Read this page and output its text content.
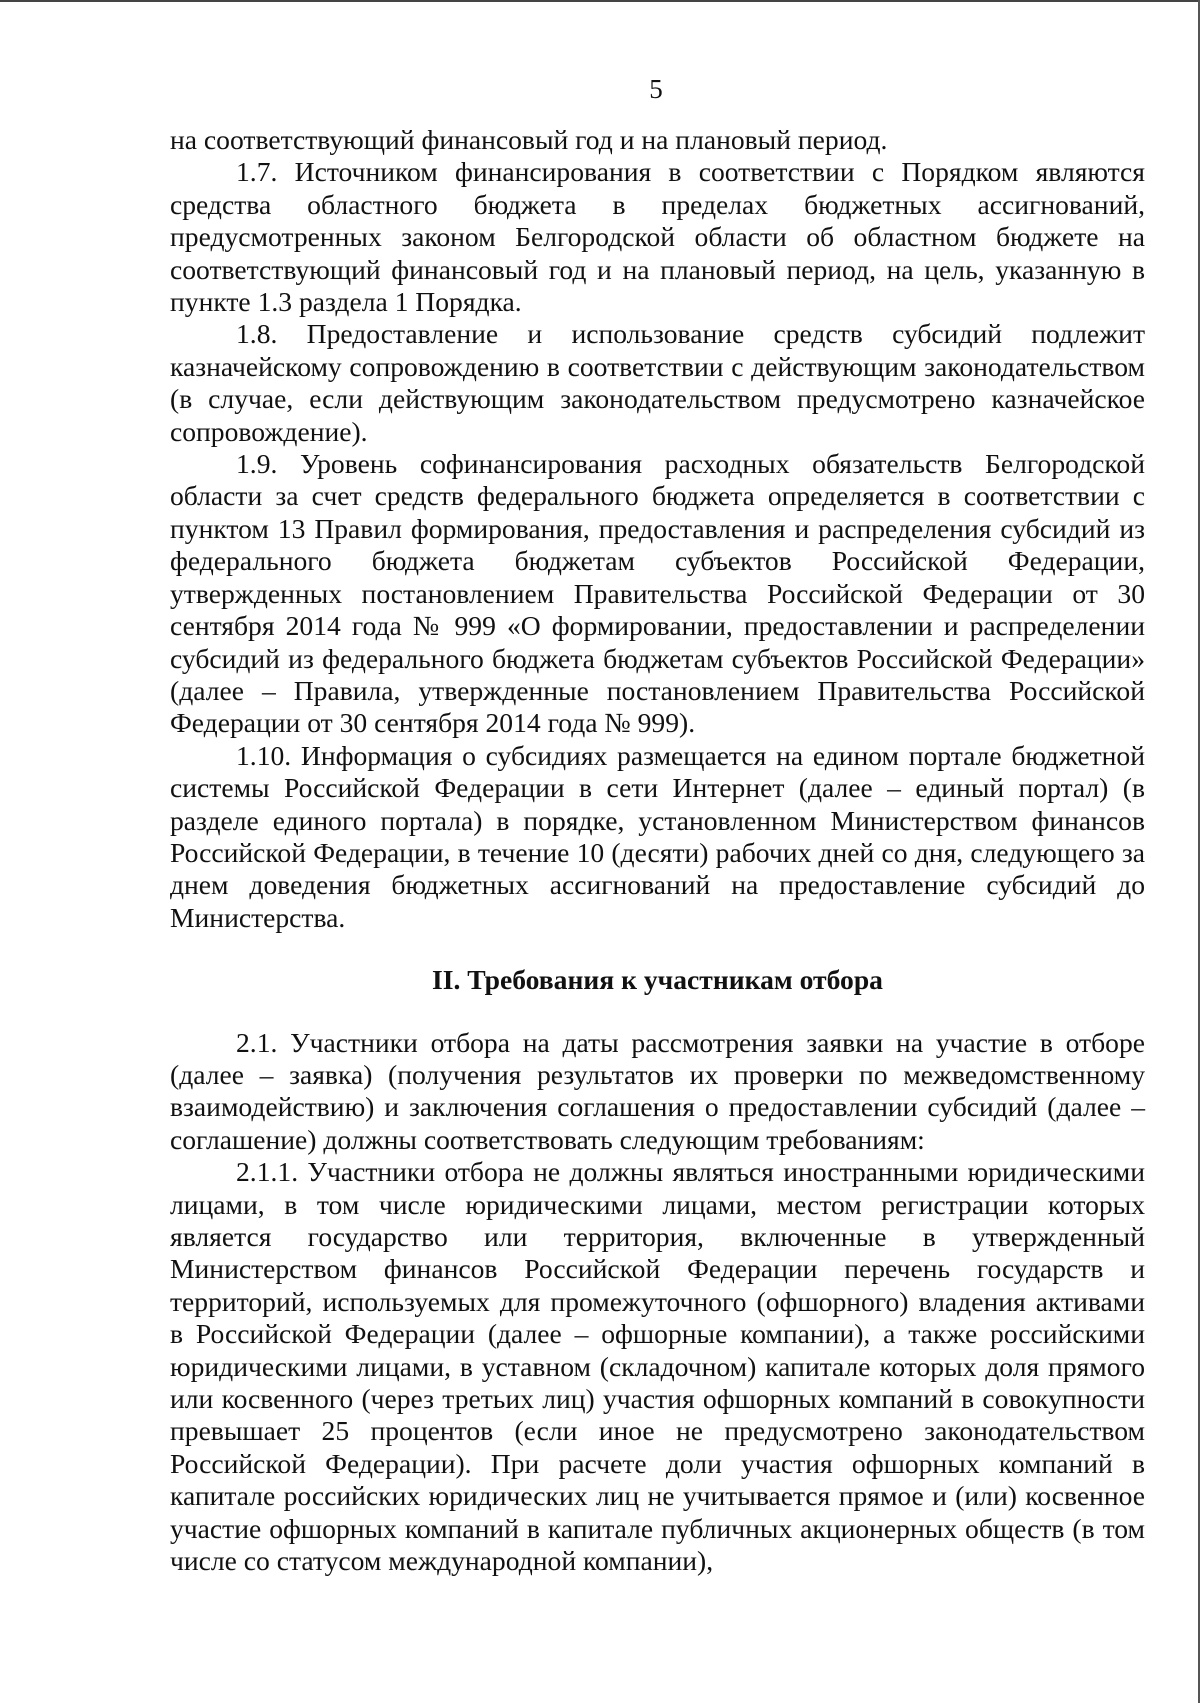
5

на соответствующий финансовый год и на плановый период.

1.7. Источником финансирования в соответствии с Порядком являются средства областного бюджета в пределах бюджетных ассигнований, предусмотренных законом Белгородской области об областном бюджете на соответствующий финансовый год и на плановый период, на цель, указанную в пункте 1.3 раздела 1 Порядка.

1.8. Предоставление и использование средств субсидий подлежит казначейскому сопровождению в соответствии с действующим законодательством (в случае, если действующим законодательством предусмотрено казначейское сопровождение).

1.9. Уровень софинансирования расходных обязательств Белгородской области за счет средств федерального бюджета определяется в соответствии с пунктом 13 Правил формирования, предоставления и распределения субсидий из федерального бюджета бюджетам субъектов Российской Федерации, утвержденных постановлением Правительства Российской Федерации от 30 сентября 2014 года № 999 «О формировании, предоставлении и распределении субсидий из федерального бюджета бюджетам субъектов Российской Федерации» (далее – Правила, утвержденные постановлением Правительства Российской Федерации от 30 сентября 2014 года № 999).

1.10. Информация о субсидиях размещается на едином портале бюджетной системы Российской Федерации в сети Интернет (далее – единый портал) (в разделе единого портала) в порядке, установленном Министерством финансов Российской Федерации, в течение 10 (десяти) рабочих дней со дня, следующего за днем доведения бюджетных ассигнований на предоставление субсидий до Министерства.

II. Требования к участникам отбора

2.1. Участники отбора на даты рассмотрения заявки на участие в отборе (далее – заявка) (получения результатов их проверки по межведомственному взаимодействию) и заключения соглашения о предоставлении субсидий (далее – соглашение) должны соответствовать следующим требованиям:

2.1.1. Участники отбора не должны являться иностранными юридическими лицами, в том числе юридическими лицами, местом регистрации которых является государство или территория, включенные в утвержденный Министерством финансов Российской Федерации перечень государств и территорий, используемых для промежуточного (офшорного) владения активами в Российской Федерации (далее – офшорные компании), а также российскими юридическими лицами, в уставном (складочном) капитале которых доля прямого или косвенного (через третьих лиц) участия офшорных компаний в совокупности превышает 25 процентов (если иное не предусмотрено законодательством Российской Федерации). При расчете доли участия офшорных компаний в капитале российских юридических лиц не учитывается прямое и (или) косвенное участие офшорных компаний в капитале публичных акционерных обществ (в том числе со статусом международной компании),
